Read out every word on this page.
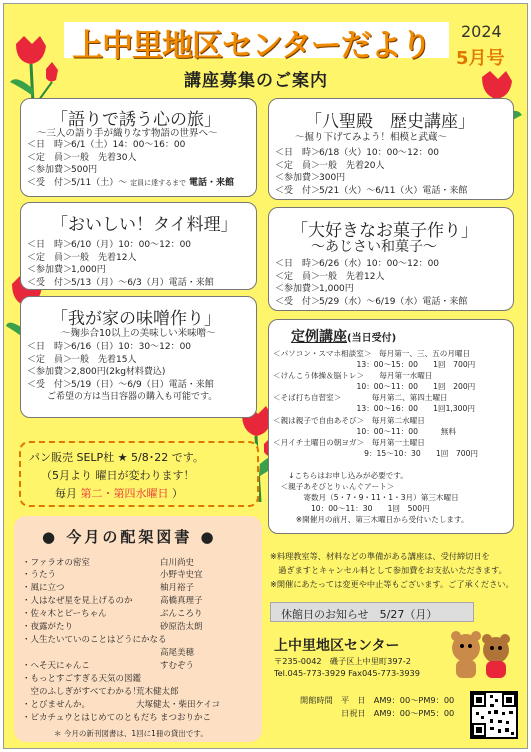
上中里地区センターだより 2024
5月号
講座募集のご案内
「語りで誘う心の旅」
～三人の語り手が織りなす物語の世界へ～
＜日　時＞
6/1（土）14：00～16：00
＜定　員＞
一般　先着30人
＜参加費＞
500円
＜受　付＞
5/11（土）～
定員に達するまで
電話・来館
「おいしい！タイ料理」
＜日　時＞
6/10（月）10：00～12：00
＜定　員＞
一般　先着12人
＜参加費＞
1,000円
＜受　付＞
5/13（月）～6/3（月）電話・来館
「我が家の味噌作り」
～麹歩合10以上の美味しい米味噌～
＜日　時＞
6/16（日）10：30～12：00
＜定　員＞
一般　先着15人
＜参加費＞
2,800円(2kg材料費込)
＜受　付＞
5/19（日）～6/9（日）電話・来館
ご希望の方は当日容器の購入も可能です。
「八聖殿　歴史講座」
～掘り下げてみよう！相模と武蔵～
＜日　時＞
6/18（火）10：00～12：00
＜定　員＞
一般　先着20人
＜参加費＞
300円
＜受　付＞
5/21（火）～6/11（火）電話・来館
「大好きなお菓子作り」
～あじさい和菓子～
＜日　時＞
6/26（水）10：00～12：00
＜定　員＞
一般　先着12人
＜参加費＞
1,000円
＜受　付＞
5/29（水）～6/19（水）電話・来館
定例講座(当日受付)
＜パソコン・スマホ相談室＞　毎月第一、三、五の月曜日
　　　　　　　　　　　13：00～15：00　　1回　700円
＜けんこう体操＆脳トレ＞　　毎月第一水曜日
　　　　　　　　　　　10：00～11：00　　1回　200円
＜そば打ち自習室＞　　　　毎月第二、第四土曜日
　　　　　　　　　　　13：00～16：00　　1回1,300円
＜親は親子で自由あそび＞　毎月第二水曜日
　　　　　　　　　　　10：00～11：00　　　無料
＜月イチ土曜日の朝ヨガ＞　毎月第一土曜日
　　　　　　　　　　　　9：15～10：30　　1回　700円
　　↓こちらはお申し込みが必要です。
　＜親子あそびとりぃんぐアート＞
　　　　寄数月（5・7・9・11・1・3月）第三木曜日
　　　　　10：00～11：30　　1回　500円
　　　※開催月の前月、第三木曜日から受付いたします。
パン販売 SELP杜 ★ 5/8･22 です。
（5月より 曜日が変わります！
毎月 第二・第四水曜日 ）
● 今月の配架図書 ●
・ファラオの密室	白川尚史
・うたう	小野寺史宜
・風に立つ	柚月裕子
・人はなぜ星を見上げるのか	高橋真理子
・佐々木とピーちゃん	ぶんころり
・夜露がたり	砂原浩太朗
・人生たいていのことはどうにかなる
高尾美穂
・へそ天にゃんこ	すむぞう
・もっとすごすぎる天気の図鑑
　空のふしぎがすべてわかる！
荒木健太郎
・とびませんか。	大塚健太・柴田ケイコ
・ピカチュウとはじめてのともだち まつおりかこ
＊ 今月の新刊図書は、1回に1冊の貸出です。
※料理教室等、材料などの準備がある講座は、受付締切日を
　過ぎますとキャンセル料として参加費をお支払いただきます。
※開催にあたっては変更や中止等もございます。ご了承ください。
休館日のお知らせ　5/27（月）
上中里地区センター
〒235-0042　磯子区上中里町397-2
Tel.045-773-3929 Fax045-773-3939
開館時間 平　日　AM9：00～PM9：00
日祝日　AM9：00～PM5：00
